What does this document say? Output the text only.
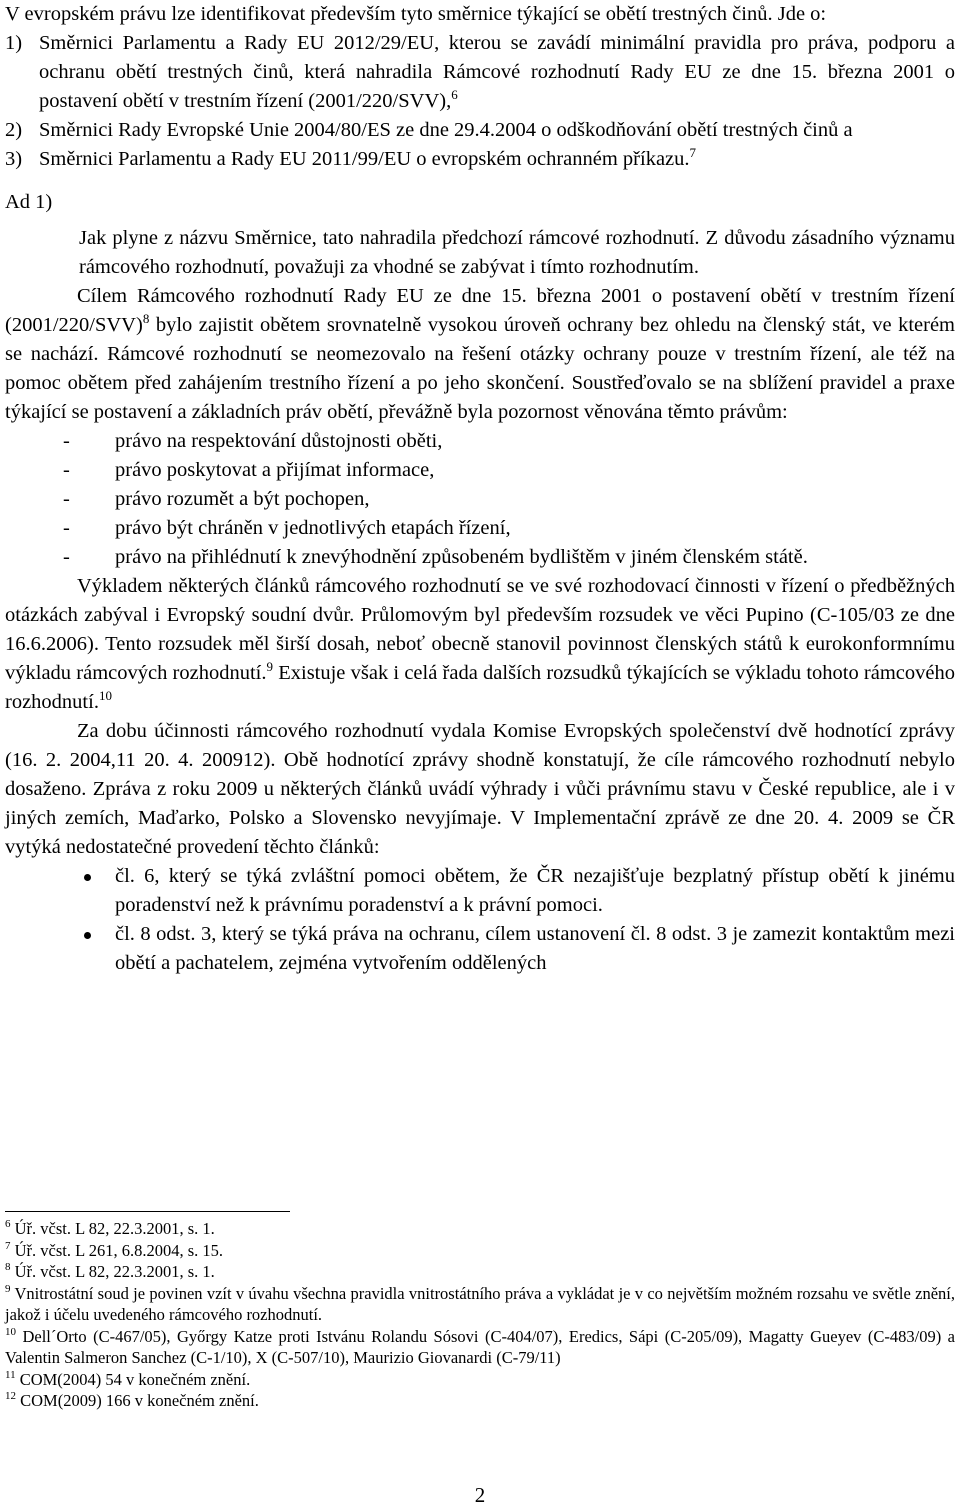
V evropském právu lze identifikovat především tyto směrnice týkající se obětí trestných činů. Jde o:

1) Směrnici Parlamentu a Rady EU 2012/29/EU, kterou se zavádí minimální pravidla pro práva, podporu a ochranu obětí trestných činů, která nahradila Rámcové rozhodnutí Rady EU ze dne 15. března 2001 o postavení obětí v trestním řízení (2001/220/SVV),$^6$
2) Směrnici Rady Evropské Unie 2004/80/ES ze dne 29.4.2004 o odškodňování obětí trestných činů a
3) Směrnici Parlamentu a Rady EU 2011/99/EU o evropském ochranném příkazu.$^7$

Ad 1)

Jak plyne z názvu Směrnice, tato nahradila předchozí rámcové rozhodnutí. Z důvodu zásadního významu rámcového rozhodnutí, považuji za vhodné se zabývat i tímto rozhodnutím.

Cílem Rámcového rozhodnutí Rady EU ze dne 15. března 2001 o postavení obětí v trestním řízení $(2001/220/SVV)^8$ bylo zajistit obětem srovnatelně vysokou úroveň ochrany bez ohledu na členský stát, ve kterém se nachází. Rámcové rozhodnutí se neomezovalo na řešení otázky ochrany pouze v trestním řízení, ale též na pomoc obětem před zahájením trestního řízení a po jeho skončení. Soustřeďovalo se na sblížení pravidel a praxe týkající se postavení a základních práv obětí, převážně byla pozornost věnována těmto právům:

- právo na respektování důstojnosti oběti,
- právo poskytovat a přijímat informace,
- právo rozumět a být pochopen,
- právo být chráněn v jednotlivých etapách řízení,
- právo na přihlédnutí k znevýhodnění způsobeném bydlištěm v jiném členském státě.

Výkladem některých článků rámcového rozhodnutí se ve své rozhodovací činnosti v řízení o předběžných otázkách zabýval i Evropský soudní dvůr. Průlomovým byl především rozsudek ve věci Pupino (C-105/03 ze dne 16.6.2006). Tento rozsudek měl širší dosah, neboť obecně stanovil povinnost členských států k eurokonformnímu výkladu rámcových rozhodnutí.$^9$ Existuje však i celá řada dalších rozsudků týkajících se výkladu tohoto rámcového rozhodnutí.$^{10}$

Za dobu účinnosti rámcového rozhodnutí vydala Komise Evropských společenství dvě hodnotící zprávy (16. 2. 2004,11 20. 4. 200912). Obě hodnotící zprávy shodně konstatují, že cíle rámcového rozhodnutí nebylo dosaženo. Zpráva z roku 2009 u některých článků uvádí výhrady i vůči právnímu stavu v České republice, ale i v jiných zemích, Maďarko, Polsko a Slovensko nevyjímaje. V Implementační zprávě ze dne 20. 4. 2009 se ČR vytýká nedostatečné provedení těchto článků:

čl. 6, který se týká zvláštní pomoci obětem, že ČR nezajišťuje bezplatný přístup obětí k jinému poradenství než k právnímu poradenství a k právní pomoci.
čl. 8 odst. 3, který se týká práva na ochranu, cílem ustanovení čl. 8 odst. 3 je zamezit kontaktům mezi obětí a pachatelem, zejména vytvořením oddělených

$^6$ Úř. včst. L 82, 22.3.2001, s. 1.

$^7$ Úř. včst. L 261, 6.8.2004, s. 15.

$^8$ Úř. včst. L 82, 22.3.2001, s. 1.

$^9$ Vnitrostátní soud je povinen vzít v úvahu všechna pravidla vnitrostátního práva a vykládat je v co největším možném rozsahu ve světle znění, jakož i účelu uvedeného rámcového rozhodnutí.

$^{10}$ Dell´Orto (C-467/05), Győrgy Katze proti Istvánu Rolandu Sósovi (C-404/07), Eredics, Sápi (C-205/09), Magatty Gueyev (C-483/09) a Valentin Salmeron Sanchez (C-1/10), X (C-507/10), Maurizio Giovanardi (C-79/11)

$^{11}$ COM(2004) 54 v konečném znění.

$^{12}$ COM(2009) 166 v konečném znění.

2
